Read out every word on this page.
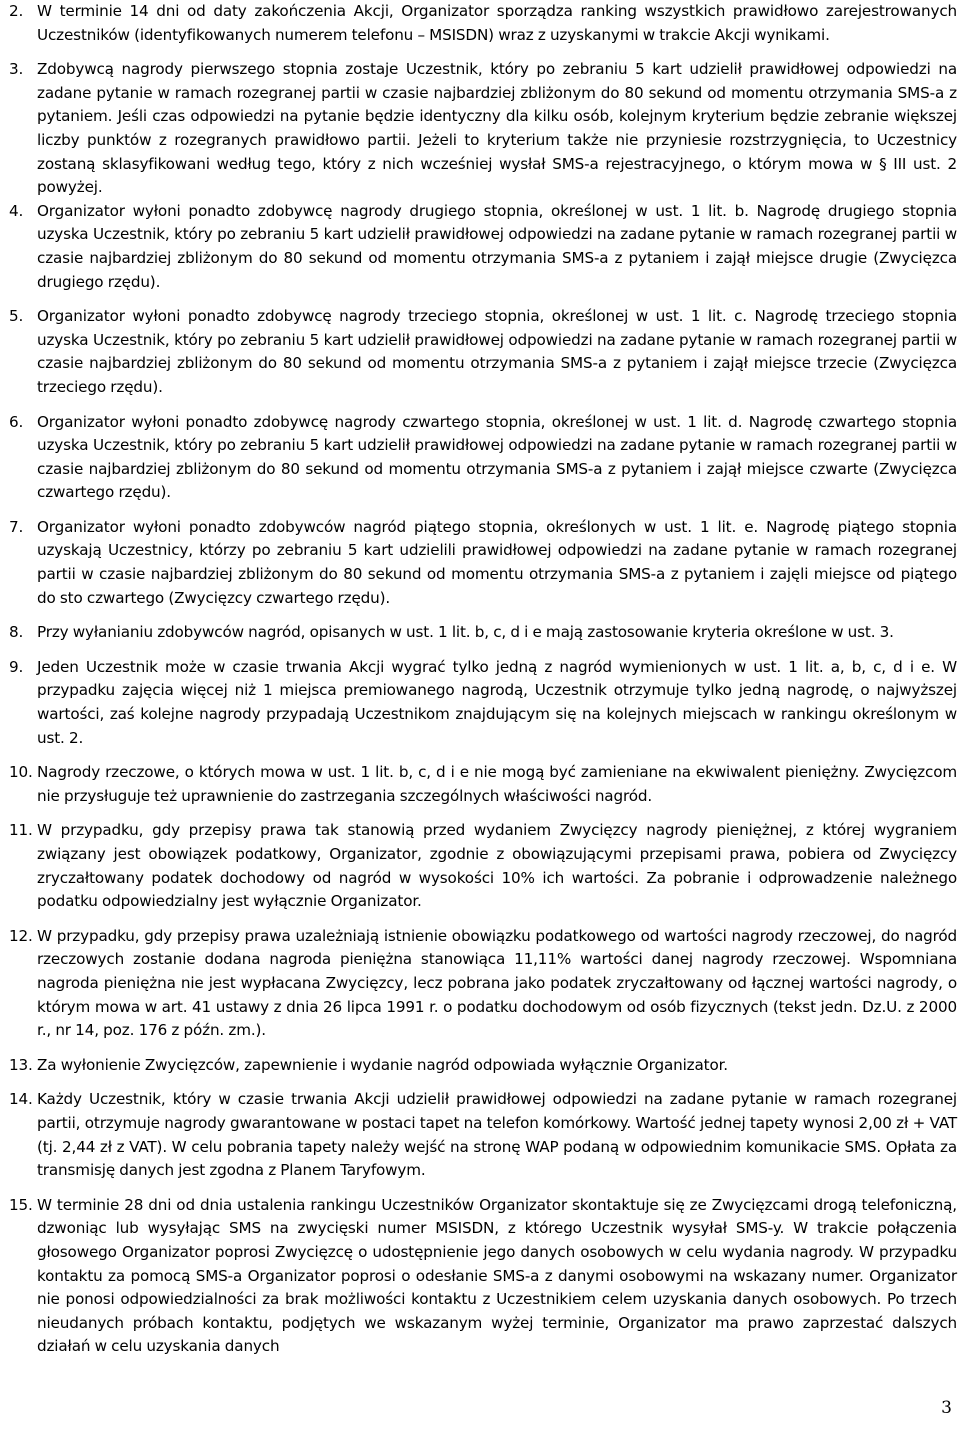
2. W terminie 14 dni od daty zakończenia Akcji, Organizator sporządza ranking wszystkich prawidłowo zarejestrowanych Uczestników (identyfikowanych numerem telefonu – MSISDN) wraz z uzyskanymi w trakcie Akcji wynikami.
3. Zdobywcą nagrody pierwszego stopnia zostaje Uczestnik, który po zebraniu 5 kart udzielił prawidłowej odpowiedzi na zadane pytanie w ramach rozegranej partii w czasie najbardziej zbliżonym do 80 sekund od momentu otrzymania SMS-a z pytaniem. Jeśli czas odpowiedzi na pytanie będzie identyczny dla kilku osób, kolejnym kryterium będzie zebranie większej liczby punktów z rozegranych prawidłowo partii. Jeżeli to kryterium także nie przyniesie rozstrzygnięcia, to Uczestnicy zostaną sklasyfikowani według tego, który z nich wcześniej wysłał SMS-a rejestracyjnego, o którym mowa w § III ust. 2 powyżej.
4. Organizator wyłoni ponadto zdobywcę nagrody drugiego stopnia, określonej w ust. 1 lit. b. Nagrodę drugiego stopnia uzyska Uczestnik, który po zebraniu 5 kart udzielił prawidłowej odpowiedzi na zadane pytanie w ramach rozegranej partii w czasie najbardziej zbliżonym do 80 sekund od momentu otrzymania SMS-a z pytaniem i zajął miejsce drugie (Zwycięzca drugiego rzędu).
5. Organizator wyłoni ponadto zdobywcę nagrody trzeciego stopnia, określonej w ust. 1 lit. c. Nagrodę trzeciego stopnia uzyska Uczestnik, który po zebraniu 5 kart udzielił prawidłowej odpowiedzi na zadane pytanie w ramach rozegranej partii w czasie najbardziej zbliżonym do 80 sekund od momentu otrzymania SMS-a z pytaniem i zajął miejsce trzecie (Zwycięzca trzeciego rzędu).
6. Organizator wyłoni ponadto zdobywcę nagrody czwartego stopnia, określonej w ust. 1 lit. d. Nagrodę czwartego stopnia uzyska Uczestnik, który po zebraniu 5 kart udzielił prawidłowej odpowiedzi na zadane pytanie w ramach rozegranej partii w czasie najbardziej zbliżonym do 80 sekund od momentu otrzymania SMS-a z pytaniem i zajął miejsce czwarte (Zwycięzca czwartego rzędu).
7. Organizator wyłoni ponadto zdobywców nagród piątego stopnia, określonych w ust. 1 lit. e. Nagrodę piątego stopnia uzyskają Uczestnicy, którzy po zebraniu 5 kart udzielili prawidłowej odpowiedzi na zadane pytanie w ramach rozegranej partii w czasie najbardziej zbliżonym do 80 sekund od momentu otrzymania SMS-a z pytaniem i zajęli miejsce od piątego do sto czwartego (Zwycięzcy czwartego rzędu).
8. Przy wyłanianiu zdobywców nagród, opisanych w ust. 1 lit. b, c, d i e mają zastosowanie kryteria określone w ust. 3.
9. Jeden Uczestnik może w czasie trwania Akcji wygrać tylko jedną z nagród wymienionych w ust. 1 lit. a, b, c, d i e. W przypadku zajęcia więcej niż 1 miejsca premiowanego nagrodą, Uczestnik otrzymuje tylko jedną nagrodę, o najwyższej wartości, zaś kolejne nagrody przypadają Uczestnikom znajdującym się na kolejnych miejscach w rankingu określonym w ust. 2.
10. Nagrody rzeczowe, o których mowa w ust. 1 lit. b, c, d i e nie mogą być zamieniane na ekwiwalent pieniężny. Zwycięzcom nie przysługuje też uprawnienie do zastrzegania szczególnych właściwości nagród.
11. W przypadku, gdy przepisy prawa tak stanowią przed wydaniem Zwycięzcy nagrody pieniężnej, z której wygraniem związany jest obowiązek podatkowy, Organizator, zgodnie z obowiązującymi przepisami prawa, pobiera od Zwycięzcy zryczałtowany podatek dochodowy od nagród w wysokości 10% ich wartości. Za pobranie i odprowadzenie należnego podatku odpowiedzialny jest wyłącznie Organizator.
12. W przypadku, gdy przepisy prawa uzależniają istnienie obowiązku podatkowego od wartości nagrody rzeczowej, do nagród rzeczowych zostanie dodana nagroda pieniężna stanowiąca 11,11% wartości danej nagrody rzeczowej. Wspomniana nagroda pieniężna nie jest wypłacana Zwycięzcy, lecz pobrana jako podatek zryczałtowany od łącznej wartości nagrody, o którym mowa w art. 41 ustawy z dnia 26 lipca 1991 r. o podatku dochodowym od osób fizycznych (tekst jedn. Dz.U. z 2000 r., nr 14, poz. 176 z późn. zm.).
13. Za wyłonienie Zwycięzców, zapewnienie i wydanie nagród odpowiada wyłącznie Organizator.
14. Każdy Uczestnik, który w czasie trwania Akcji udzielił prawidłowej odpowiedzi na zadane pytanie w ramach rozegranej partii, otrzymuje nagrody gwarantowane w postaci tapet na telefon komórkowy. Wartość jednej tapety wynosi 2,00 zł + VAT (tj. 2,44 zł z VAT). W celu pobrania tapety należy wejść na stronę WAP podaną w odpowiednim komunikacie SMS. Opłata za transmisję danych jest zgodna z Planem Taryfowym.
15. W terminie 28 dni od dnia ustalenia rankingu Uczestników Organizator skontaktuje się ze Zwycięzcami drogą telefoniczną, dzwoniąc lub wysyłając SMS na zwycięski numer MSISDN, z którego Uczestnik wysyłał SMS-y. W trakcie połączenia głosowego Organizator poprosi Zwycięzcę o udostępnienie jego danych osobowych w celu wydania nagrody. W przypadku kontaktu za pomocą SMS-a Organizator poprosi o odesłanie SMS-a z danymi osobowymi na wskazany numer. Organizator nie ponosi odpowiedzialności za brak możliwości kontaktu z Uczestnikiem celem uzyskania danych osobowych. Po trzech nieudanych próbach kontaktu, podjętych we wskazanym wyżej terminie, Organizator ma prawo zaprzestać dalszych działań w celu uzyskania danych
3
